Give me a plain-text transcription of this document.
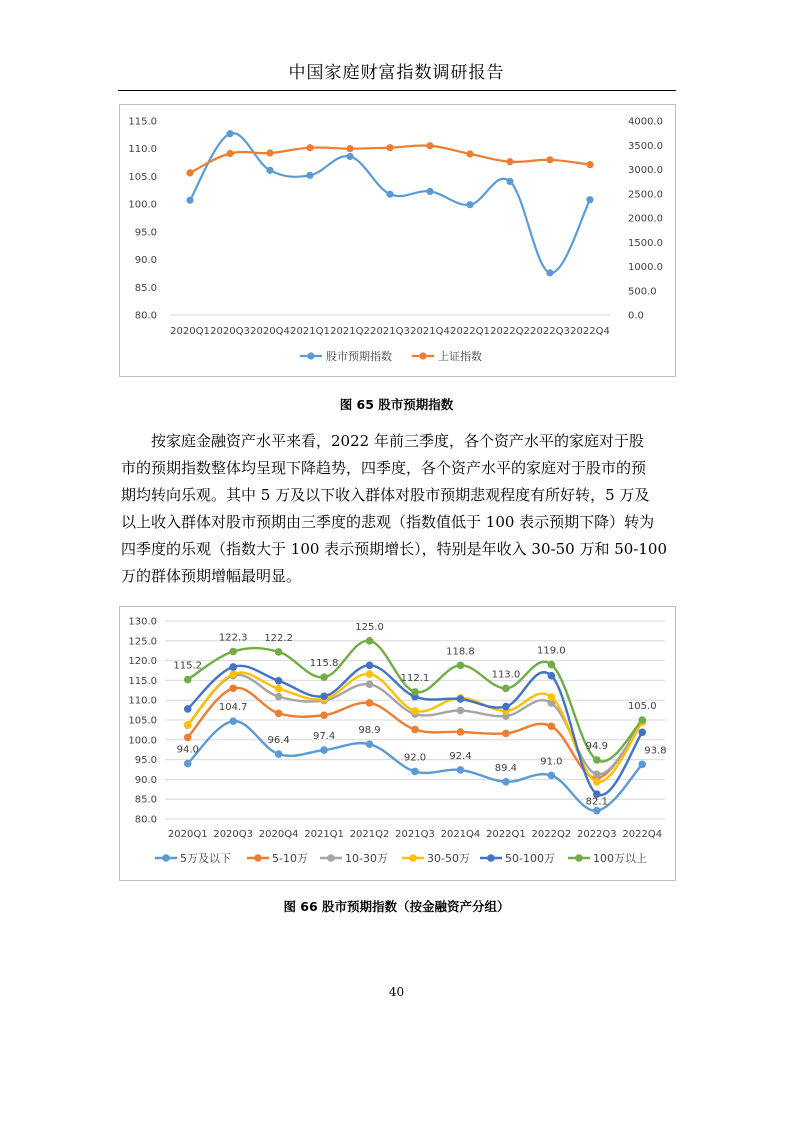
中国家庭财富指数调研报告
80.0
85.0
90.0
95.0
100.0
105.0
110.0
115.0
0.0
500.0
1000.0
1500.0
2000.0
2500.0
3000.0
3500.0
4000.0
2020Q1 2020Q3 2020Q4 2021Q1 2021Q2 2021Q3 2021Q4 2022Q1 2022Q2 2022Q3 2022Q4
股市预期指数	上证指数
图 65 股市预期指数
按家庭金融资产水平来看，2022 年前三季度，各个资产水平的家庭对于股
市的预期指数整体均呈现下降趋势，四季度，各个资产水平的家庭对于股市的预
期均转向乐观。其中 5 万及以下收入群体对股市预期悲观程度有所好转，5 万及
以上收入群体对股市预期由三季度的悲观（指数值低于 100 表示预期下降）转为
四季度的乐观（指数大于 100 表示预期增长），特别是年收入 30-50 万和 50-100
万的群体预期增幅最明显。
80.0
85.0
90.0
95.0
100.0
105.0
110.0
115.0
120.0
125.0
130.0
2020Q1 2020Q3 2020Q4 2021Q1 2021Q2 2021Q3 2021Q4 2022Q1 2022Q2 2022Q3 2022Q4
94.0
104.7
96.4 97.4
98.9
92.0 92.4
89.4
91.0
82.1
93.8
115.2
122.3 122.2
115.8
125.0
112.1
118.8
113.0
119.0
94.9
105.0
5万及以下	5-10万	10-30万	30-50万	50-100万	100万以上
图 66 股市预期指数（按金融资产分组）
40
